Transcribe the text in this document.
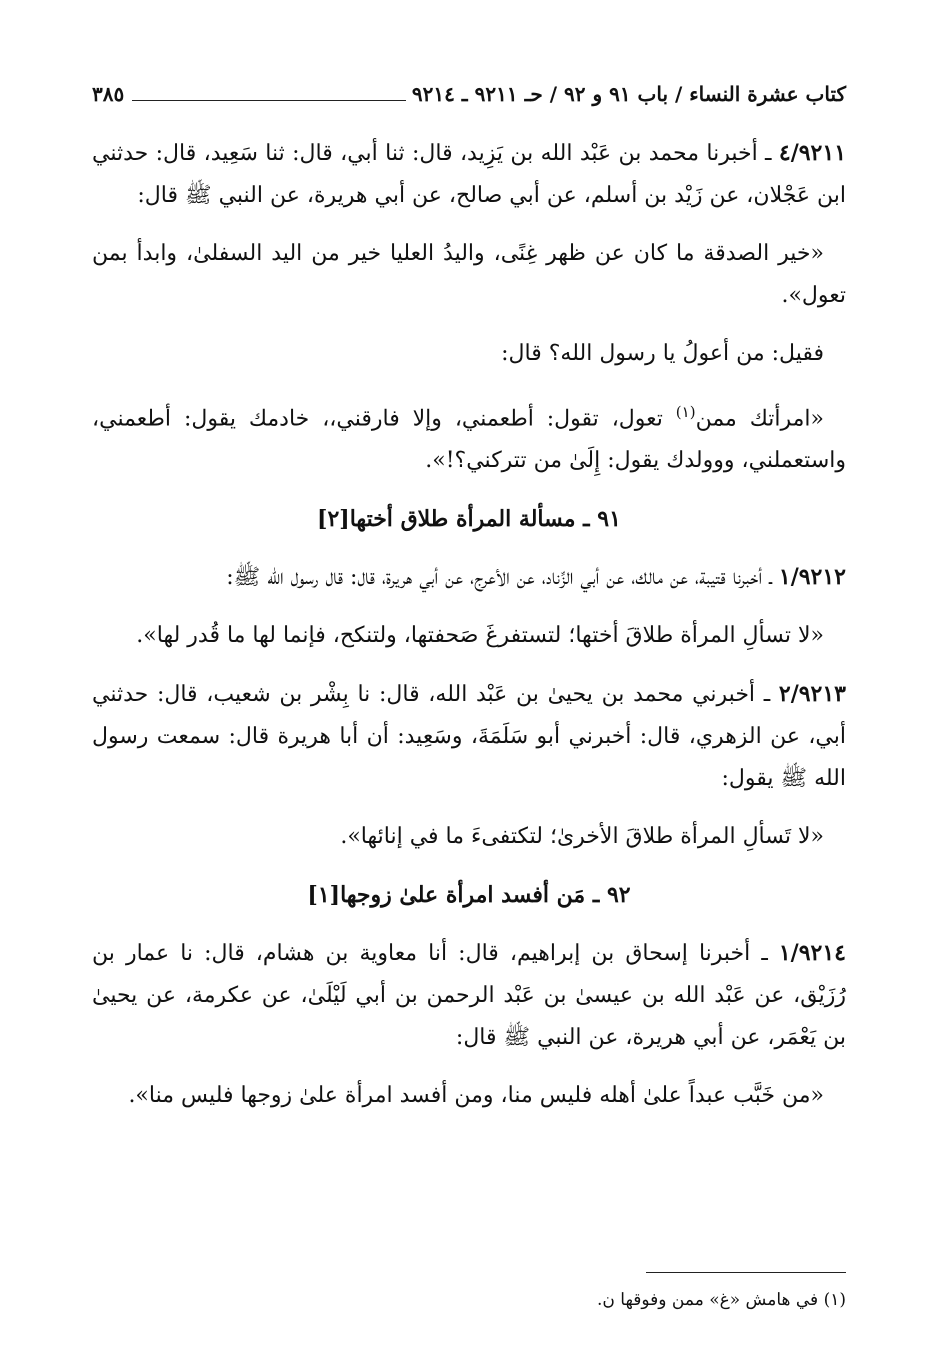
كتاب عشرة النساء / باب ٩١ و ٩٢ / حـ ٩٢١١ ـ ٩٢١٤
٣٨٥

٤/٩٢١١ ـ أخبرنا محمد بن عَبْد الله بن يَزِيد، قال: ثنا أبي، قال: ثنا سَعِيد، قال: حدثني ابن عَجْلان، عن زَيْد بن أسلم، عن أبي صالح، عن أبي هريرة، عن النبي ﷺ قال:

«خير الصدقة ما كان عن ظهر غِنًى، واليدُ العليا خير من اليد السفلىٰ، وابدأ بمن تعول».

فقيل: من أعولُ يا رسول الله؟ قال:

«امرأتك ممن$^{(١)}$ تعول، تقول: أطعمني، وإلا فارقني،، خادمك يقول: أطعمني، واستعملني، ووولدك يقول: إِلَىٰ من تتركني؟!».

٩١ ـ مسألة المرأة طلاق أختها[٢]

١/٩٢١٢ ـ أخبرنا قتيبة، عن مالك، عن أبي الزِّناد، عن الأعرج، عن أبي هريرة، قال: قال رسول الله ﷺ:

«لا تسألِ المرأة طلاقَ أختها؛ لتستفرغَ صَحفتها، ولتنكح، فإنما لها ما قُدر لها».

٢/٩٢١٣ ـ أخبرني محمد بن يحيىٰ بن عَبْد الله، قال: نا بِشْر بن شعيب، قال: حدثني أبي، عن الزهري، قال: أخبرني أبو سَلَمَةَ، وسَعِيد: أن أبا هريرة قال: سمعت رسول الله ﷺ يقول:

«لا تَسألِ المرأة طلاقَ الأخرىٰ؛ لتكتفىءَ ما في إنائها».

٩٢ ـ مَن أفسد امرأة علىٰ زوجها[١]

١/٩٢١٤ ـ أخبرنا إسحاق بن إبراهيم، قال: أنا معاوية بن هشام، قال: نا عمار بن رُزَيْق، عن عَبْد الله بن عيسىٰ بن عَبْد الرحمن بن أبي لَيْلَىٰ، عن عكرمة، عن يحيىٰ بن يَعْمَر، عن أبي هريرة، عن النبي ﷺ قال:

«من خَبَّب عبداً علىٰ أهله فليس منا، ومن أفسد امرأة علىٰ زوجها فليس منا».

(١) في هامش «غ» ممن وفوقها ن.
